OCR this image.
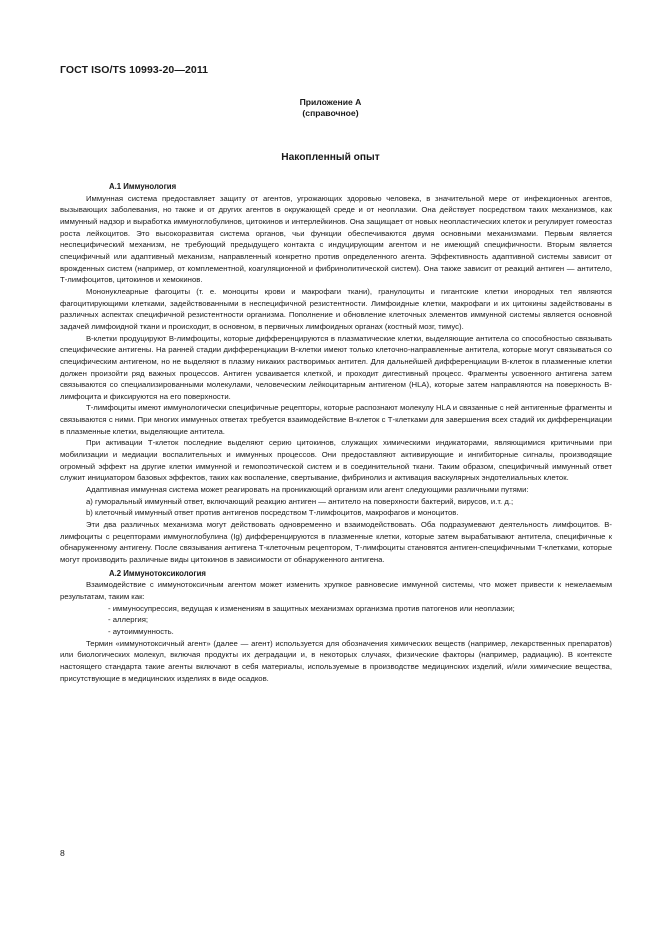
ГОСТ ISO/TS 10993-20—2011
Приложение А
(справочное)
Накопленный опыт
А.1 Иммунология

Иммунная система предоставляет защиту от агентов, угрожающих здоровью человека, в значительной мере от инфекционных агентов, вызывающих заболевания, но также и от других агентов в окружающей среде и от неоплазии. Она действует посредством таких механизмов, как иммунный надзор и выработка иммуноглобулинов, цитокинов и интерлейкинов. Она защищает от новых неопластических клеток и регулирует гомеостаз роста лейкоцитов. Это высокоразвитая система органов, чьи функции обеспечиваются двумя основными механизмами. Первым является неспецифический механизм, не требующий предыдущего контакта с индуцирующим агентом и не имеющий специфичности. Вторым является специфичный или адаптивный механизм, направленный конкретно против определенного агента. Эффективность адаптивной системы зависит от врожденных систем (например, от комплементной, коагуляционной и фибринолитической систем). Она также зависит от реакций антиген — антитело, Т-лимфоцитов, цитокинов и хемокинов.

Мононуклеарные фагоциты (т. е. моноциты крови и макрофаги ткани), гранулоциты и гигантские клетки инородных тел являются фагоцитирующими клетками, задействованными в неспецифичной резистентности. Лимфоидные клетки, макрофаги и их цитокины задействованы в различных аспектах специфичной резистентности организма. Пополнение и обновление клеточных элементов иммунной системы является основной задачей лимфоидной ткани и происходит, в основном, в первичных лимфоидных органах (костный мозг, тимус).

В-клетки продуцируют В-лимфоциты, которые дифференцируются в плазматические клетки, выделяющие антитела со способностью связывать специфические антигены. На ранней стадии дифференциации В-клетки имеют только клеточно-направленные антитела, которые могут связываться со специфическим антигеном, но не выделяют в плазму никаких растворимых антител. Для дальнейшей дифференциации В-клеток в плазменные клетки должен произойти ряд важных процессов. Антиген усваивается клеткой, и проходит дигестивный процесс. Фрагменты усвоенного антигена затем связываются со специализированными молекулами, человеческим лейкоцитарным антигеном (HLA), которые затем направляются на поверхность В-лимфоцита и фиксируются на его поверхности.

Т-лимфоциты имеют иммунологически специфичные рецепторы, которые распознают молекулу HLA и связанные с ней антигенные фрагменты и связываются с ними. При многих иммунных ответах требуется взаимодействие В-клеток с Т-клетками для завершения всех стадий их дифференциации в плазменные клетки, выделяющие антитела.

При активации Т-клеток последние выделяют серию цитокинов, служащих химическими индикаторами, являющимися критичными при мобилизации и медиации воспалительных и иммунных процессов. Они предоставляют активирующие и ингибиторные сигналы, производящие огромный эффект на другие клетки иммунной и гемопоэтической систем и в соединительной ткани. Таким образом, специфичный иммунный ответ служит инициатором базовых эффектов, таких как воспаление, свертывание, фибринолиз и активация васкулярных эндотелиальных клеток.

Адаптивная иммунная система может реагировать на проникающий организм или агент следующими различными путями:

а) гуморальный иммунный ответ, включающий реакцию антиген — антитело на поверхности бактерий, вирусов, и.т. д.;

b) клеточный иммунный ответ против антигенов посредством Т-лимфоцитов, макрофагов и моноцитов.

Эти два различных механизма могут действовать одновременно и взаимодействовать. Оба подразумевают деятельность лимфоцитов. В-лимфоциты с рецепторами иммуноглобулина (Ig) дифференцируются в плазменные клетки, которые затем вырабатывают антитела, специфичные к обнаруженному антигену. После связывания антигена Т-клеточным рецептором, Т-лимфоциты становятся антиген-специфичными Т-клетками, которые могут производить различные виды цитокинов в зависимости от обнаруженного антигена.

А.2 Иммунотоксикология

Взаимодействие с иммунотоксичным агентом может изменить хрупкое равновесие иммунной системы, что может привести к нежелаемым результатам, таким как:

- иммуносупрессия, ведущая к изменениям в защитных механизмах организма против патогенов или неоплазии;

- аллергия;

- аутоиммунность.

Термин «иммунотоксичный агент» (далее — агент) используется для обозначения химических веществ (например, лекарственных препаратов) или биологических молекул, включая продукты их деградации и, в некоторых случаях, физические факторы (например, радиацию). В контексте настоящего стандарта такие агенты включают в себя материалы, используемые в производстве медицинских изделий, и/или химические вещества, присутствующие в медицинских изделиях в виде осадков.

8
